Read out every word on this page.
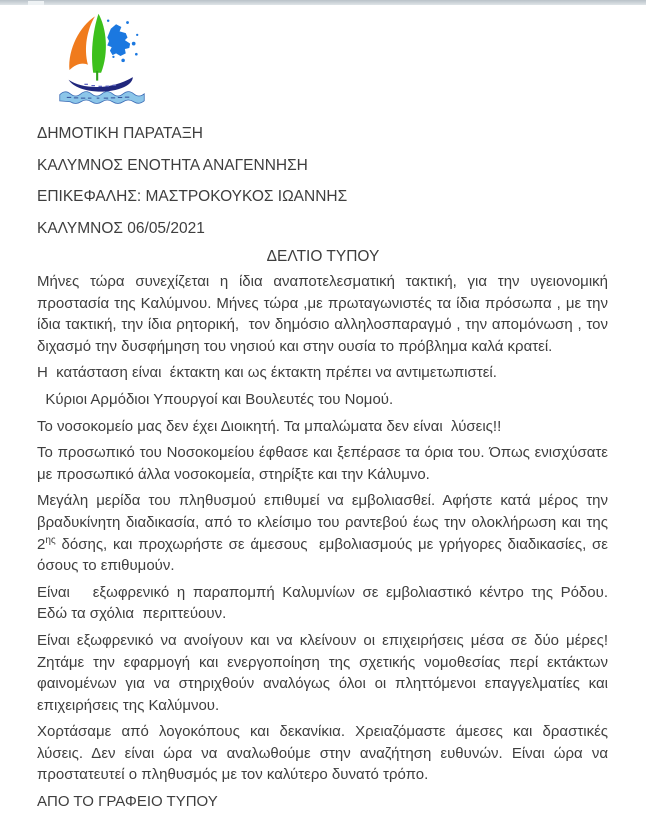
ΔΗΜΟΤΙΚΗ ΠΑΡΑΤΑΞΗ
ΚΑΛΥΜΝΟΣ ΕΝΟΤΗΤΑ ΑΝΑΓΕΝΝΗΣΗ
ΕΠΙΚΕΦΑΛΗΣ: ΜΑΣΤΡΟΚΟΥΚΟΣ ΙΩΑΝΝΗΣ
ΚΑΛΥΜΝΟΣ 06/05/2021
ΔΕΛΤΙΟ ΤΥΠΟΥ

Μήνες τώρα συνεχίζεται η ίδια αναποτελεσματική τακτική, για την υγειονομική προστασία της Καλύμνου. Μήνες τώρα ,με πρωταγωνιστές τα ίδια πρόσωπα , με την ίδια τακτική, την ίδια ρητορική,  τον δημόσιο αλληλοσπαραγμό , την απομόνωση , τον διχασμό την δυσφήμηση του νησιού και στην ουσία το πρόβλημα καλά κρατεί.

Η  κατάσταση είναι  έκτακτη και ως έκτακτη πρέπει να αντιμετωπιστεί.

Κύριοι Αρμόδιοι Υπουργοί και Βουλευτές του Νομού.

Το νοσοκομείο μας δεν έχει Διοικητή. Τα μπαλώματα δεν είναι  λύσεις!!

Το προσωπικό του Νοσοκομείου έφθασε και ξεπέρασε τα όρια του. Όπως ενισχύσατε με προσωπικό άλλα νοσοκομεία, στηρίξτε και την Κάλυμνο.

Μεγάλη μερίδα του πληθυσμού επιθυμεί να εμβολιασθεί. Αφήστε κατά μέρος την βραδυκίνητη διαδικασία, από το κλείσιμο του ραντεβού έως την ολοκλήρωση και της $2^{\eta\varsigma}$ δόσης, και προχωρήστε σε άμεσους  εμβολιασμούς με γρήγορες διαδικασίες, σε όσους το επιθυμούν.

Είναι   εξωφρενικό η παραπομπή Καλυμνίων σε εμβολιαστικό κέντρο της Ρόδου.  Εδώ τα σχόλια  περιττεύουν.

Είναι εξωφρενικό να ανοίγουν και να κλείνουν οι επιχειρήσεις μέσα σε δύο μέρες! Ζητάμε την εφαρμογή και ενεργοποίηση της σχετικής νομοθεσίας περί εκτάκτων φαινομένων για να στηριχθούν αναλόγως όλοι οι πληττόμενοι επαγγελματίες και επιχειρήσεις της Καλύμνου.

Χορτάσαμε από λογοκόπους και δεκανίκια. Χρειαζόμαστε άμεσες και δραστικές λύσεις. Δεν είναι ώρα να αναλωθούμε στην αναζήτηση ευθυνών. Είναι ώρα να προστατευτεί ο πληθυσμός με τον καλύτερο δυνατό τρόπο.

ΑΠΟ ΤΟ ΓΡΑΦΕΙΟ ΤΥΠΟΥ
